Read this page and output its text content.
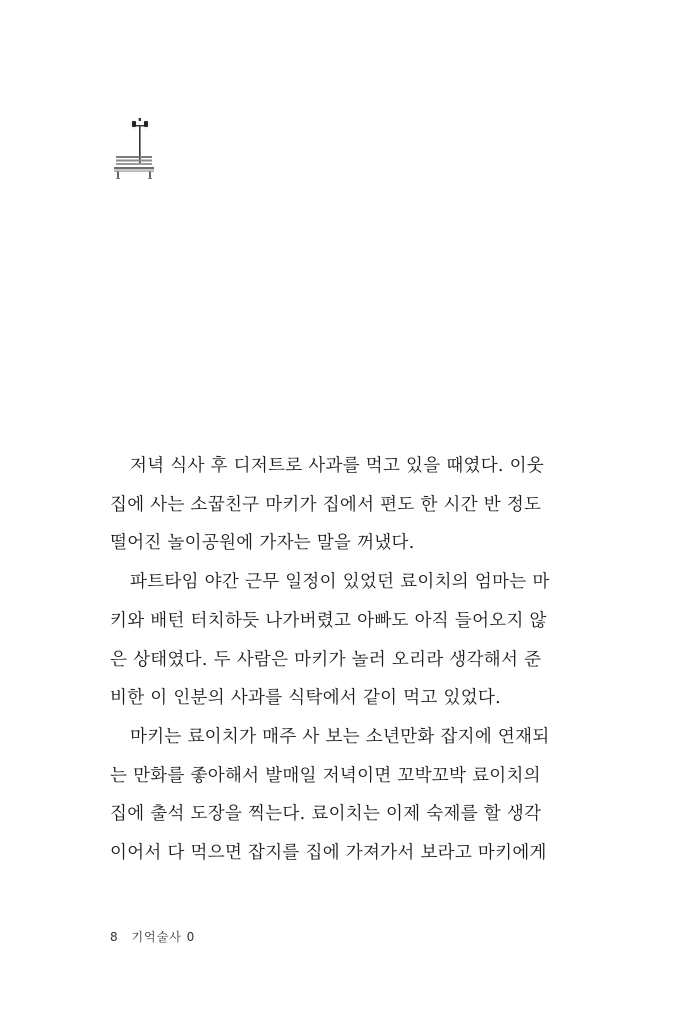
저녁 식사 후 디저트로 사과를 먹고 있을 때였다. 이웃
집에 사는 소꿉친구 마키가 집에서 편도 한 시간 반 정도
떨어진 놀이공원에 가자는 말을 꺼냈다.

파트타임 야간 근무 일정이 있었던 료이치의 엄마는 마
키와 배턴 터치하듯 나가버렸고 아빠도 아직 들어오지 않
은 상태였다. 두 사람은 마키가 놀러 오리라 생각해서 준
비한 이 인분의 사과를 식탁에서 같이 먹고 있었다.

마키는 료이치가 매주 사 보는 소년만화 잡지에 연재되
는 만화를 좋아해서 발매일 저녁이면 꼬박꼬박 료이치의
집에 출석 도장을 찍는다. 료이치는 이제 숙제를 할 생각
이어서 다 먹으면 잡지를 집에 가져가서 보라고 마키에게

8 기억술사 0
